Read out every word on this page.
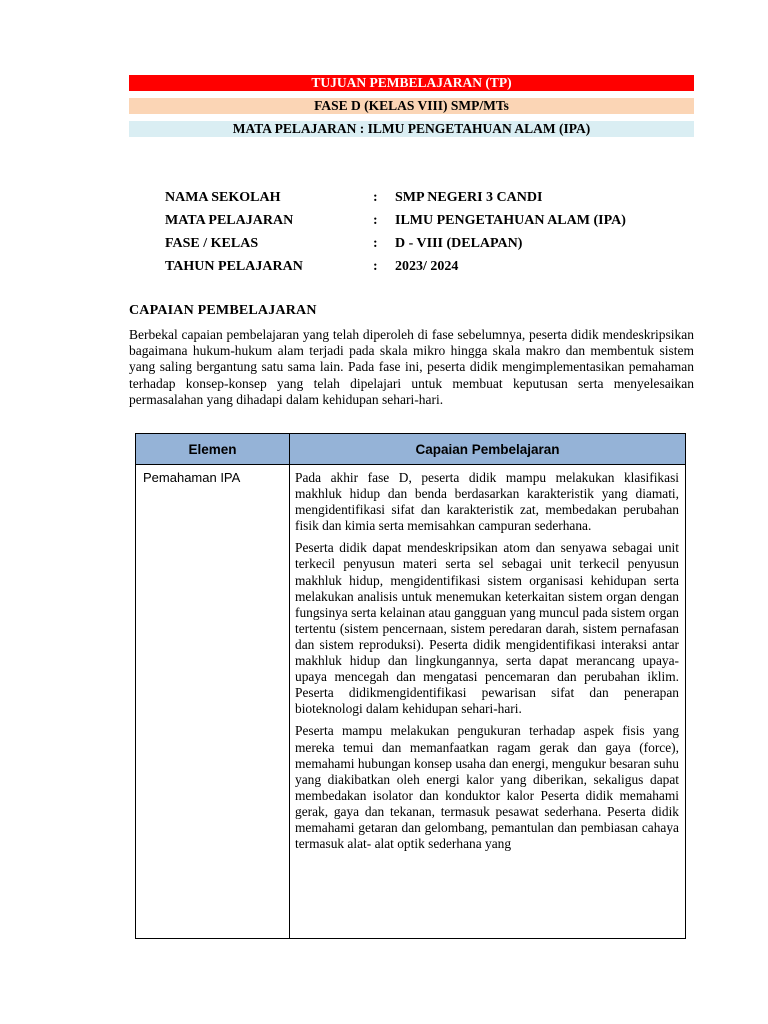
TUJUAN PEMBELAJARAN (TP)
FASE D (KELAS VIII) SMP/MTs
MATA PELAJARAN : ILMU PENGETAHUAN ALAM (IPA)
NAMA SEKOLAH	:	SMP NEGERI 3 CANDI
MATA PELAJARAN	:	ILMU PENGETAHUAN ALAM (IPA)
FASE / KELAS	:	D - VIII (DELAPAN)
TAHUN PELAJARAN	:	2023/ 2024
CAPAIAN PEMBELAJARAN
Berbekal capaian pembelajaran yang telah diperoleh di fase sebelumnya, peserta didik mendeskripsikan bagaimana hukum-hukum alam terjadi pada skala mikro hingga skala makro dan membentuk sistem yang saling bergantung satu sama lain. Pada fase ini, peserta didik mengimplementasikan pemahaman terhadap konsep-konsep yang telah dipelajari untuk membuat keputusan serta menyelesaikan permasalahan yang dihadapi dalam kehidupan sehari-hari.
Elemen	Capaian Pembelajaran
Pemahaman IPA	Pada akhir fase D, peserta didik mampu melakukan klasifikasi makhluk hidup dan benda berdasarkan karakteristik yang diamati, mengidentifikasi sifat dan karakteristik zat, membedakan perubahan fisik dan kimia serta memisahkan campuran sederhana.

Peserta didik dapat mendeskripsikan atom dan senyawa sebagai unit terkecil penyusun materi serta sel sebagai unit terkecil penyusun makhluk hidup, mengidentifikasi sistem organisasi kehidupan serta melakukan analisis untuk menemukan keterkaitan sistem organ dengan fungsinya serta kelainan atau gangguan yang muncul pada sistem organ tertentu (sistem pencernaan, sistem peredaran darah, sistem pernafasan dan sistem reproduksi). Peserta didik mengidentifikasi interaksi antar makhluk hidup dan lingkungannya, serta dapat merancang upaya-upaya mencegah dan mengatasi pencemaran dan perubahan iklim. Peserta didikmengidentifikasi pewarisan sifat dan penerapan bioteknologi dalam kehidupan sehari-hari.

Peserta mampu melakukan pengukuran terhadap aspek fisis yang mereka temui dan memanfaatkan ragam gerak dan gaya (force), memahami hubungan konsep usaha dan energi, mengukur besaran suhu yang diakibatkan oleh energi kalor yang diberikan, sekaligus dapat membedakan isolator dan konduktor kalor Peserta didik memahami gerak, gaya dan tekanan, termasuk pesawat sederhana. Peserta didik memahami getaran dan gelombang, pemantulan dan pembiasan cahaya termasuk alat- alat optik sederhana yang
